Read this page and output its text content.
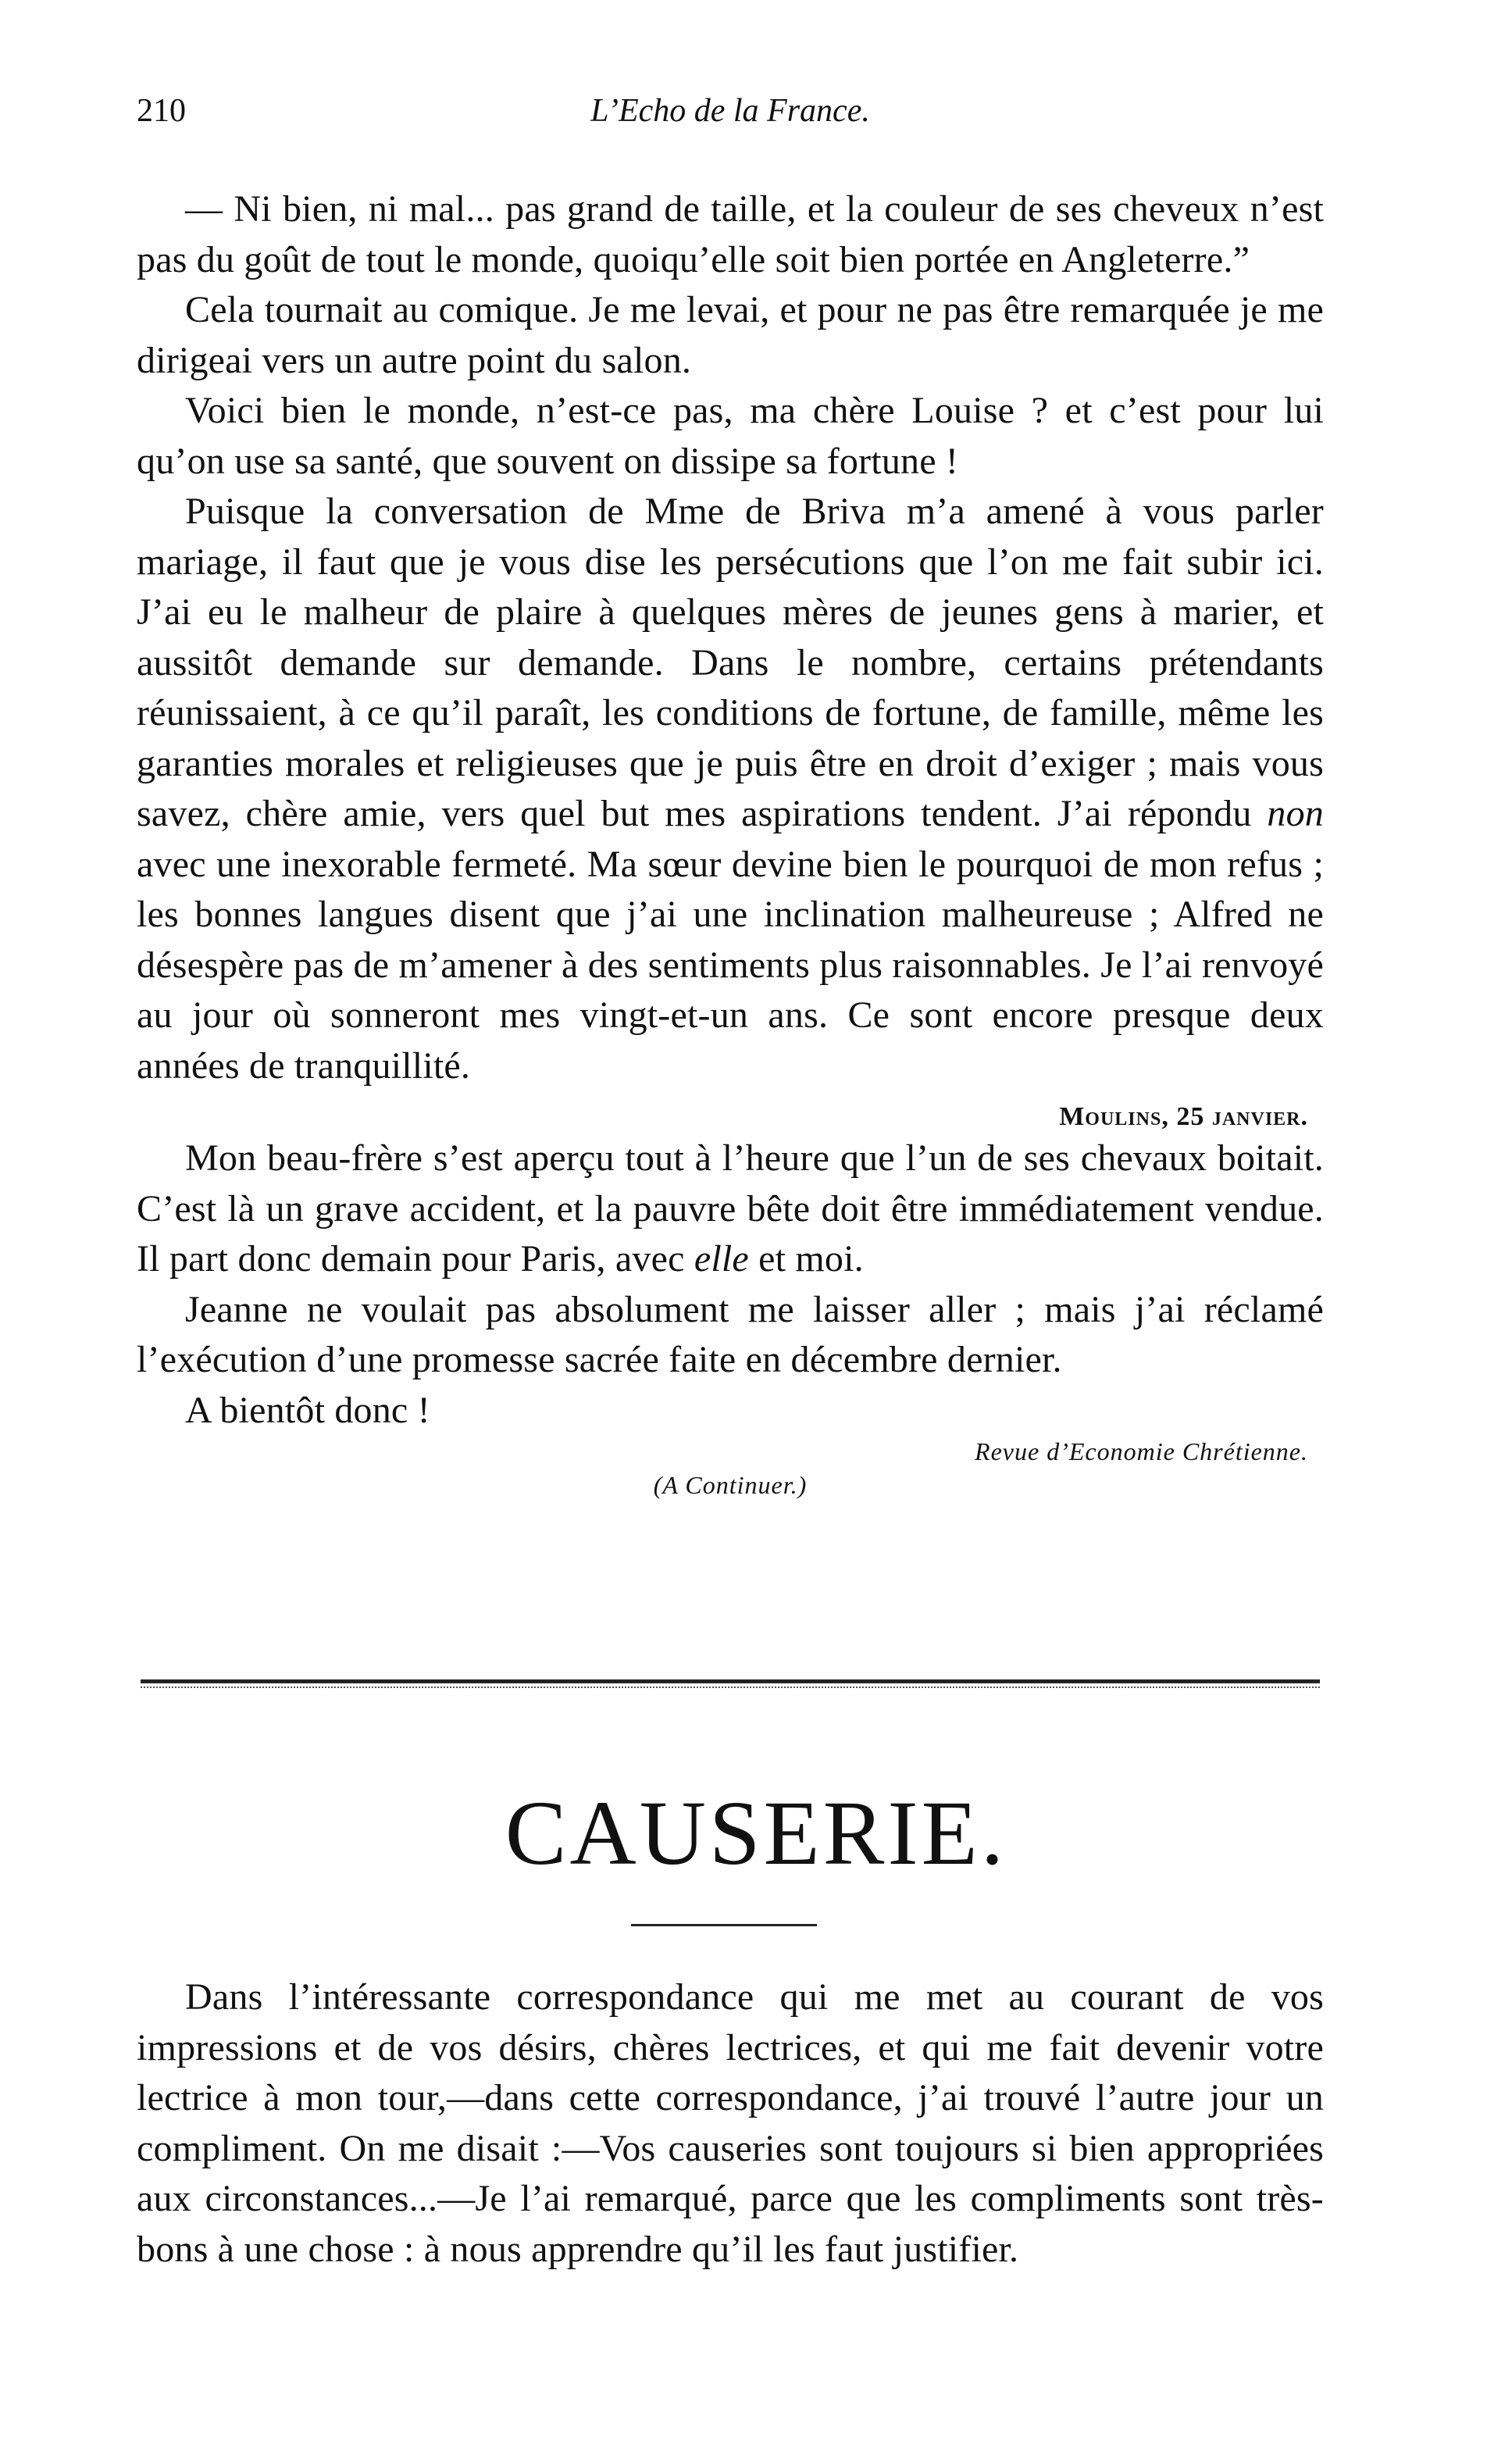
210	L’Echo de la France.

— Ni bien, ni mal... pas grand de taille, et la couleur de ses cheveux n’est pas du goût de tout le monde, quoiqu’elle soit bien portée en Angleterre.”

Cela tournait au comique. Je me levai, et pour ne pas être remarquée je me dirigeai vers un autre point du salon.

Voici bien le monde, n’est-ce pas, ma chère Louise ? et c’est pour lui qu’on use sa santé, que souvent on dissipe sa fortune !

Puisque la conversation de Mme de Briva m’a amené à vous parler mariage, il faut que je vous dise les persécutions que l’on me fait subir ici. J’ai eu le malheur de plaire à quelques mères de jeunes gens à marier, et aussitôt demande sur demande. Dans le nombre, certains prétendants réunissaient, à ce qu’il paraît, les conditions de fortune, de famille, même les garanties morales et religieuses que je puis être en droit d’exiger ; mais vous savez, chère amie, vers quel but mes aspirations tendent. J’ai répondu non avec une inexorable fermeté. Ma sœur devine bien le pourquoi de mon refus ; les bonnes langues disent que j’ai une inclination malheureuse ; Alfred ne désespère pas de m’amener à des sentiments plus raisonnables. Je l’ai renvoyé au jour où sonneront mes vingt-et-un ans. Ce sont encore presque deux années de tranquillité.

Moulins, 25 janvier.

Mon beau-frère s’est aperçu tout à l’heure que l’un de ses chevaux boitait. C’est là un grave accident, et la pauvre bête doit être immédiatement vendue. Il part donc demain pour Paris, avec elle et moi.

Jeanne ne voulait pas absolument me laisser aller ; mais j’ai réclamé l’exécution d’une promesse sacrée faite en décembre dernier.

A bientôt donc !

Revue d’Economie Chrétienne.
(A Continuer.)
CAUSERIE.

Dans l’intéressante correspondance qui me met au courant de vos impressions et de vos désirs, chères lectrices, et qui me fait devenir votre lectrice à mon tour,—dans cette correspondance, j’ai trouvé l’autre jour un compliment. On me disait :—Vos causeries sont toujours si bien appropriées aux circonstances...—Je l’ai remarqué, parce que les compliments sont très-bons à une chose : à nous apprendre qu’il les faut justifier.
